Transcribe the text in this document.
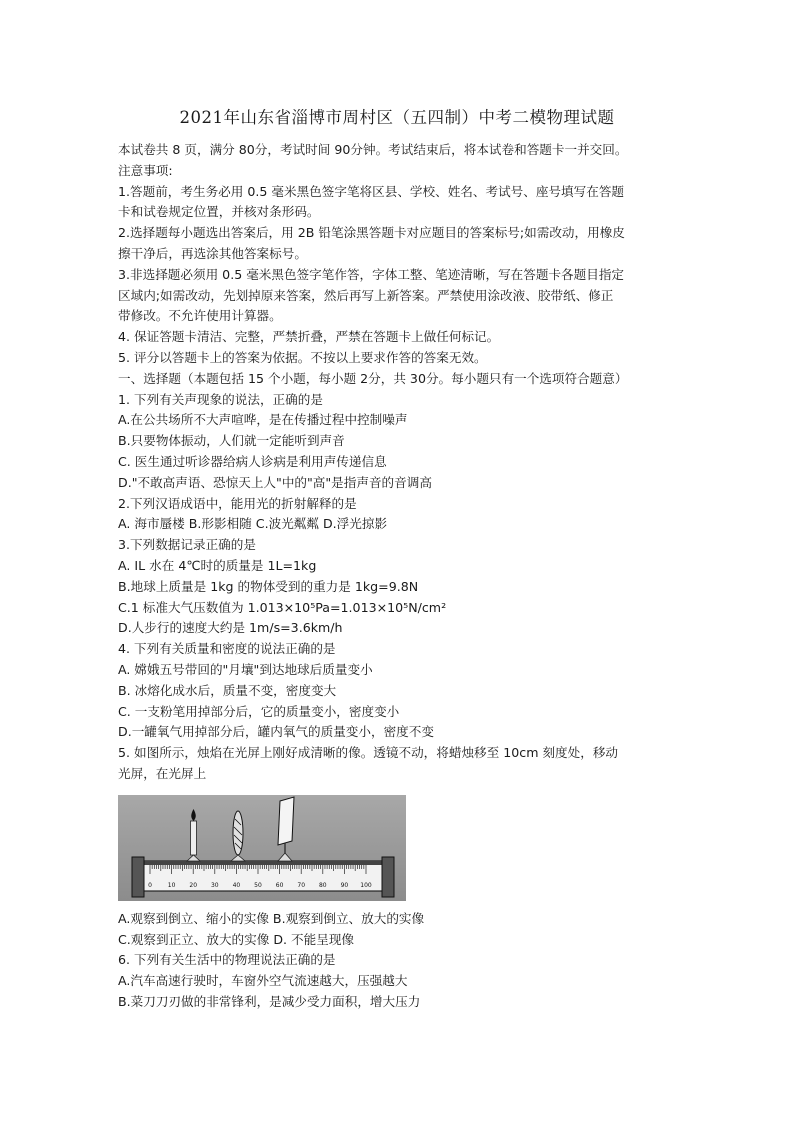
2021年山东省淄博市周村区（五四制）中考二模物理试题
本试卷共 8 页，满分 80分，考试时间 90分钟。考试结束后，将本试卷和答题卡一并交回。
注意事项:
1.答题前，考生务必用 0.5 毫米黑色签字笔将区县、学校、姓名、考试号、座号填写在答题
卡和试卷规定位置，并核对条形码。
2.选择题每小题选出答案后，用 2B 铅笔涂黑答题卡对应题目的答案标号;如需改动，用橡皮
擦干净后，再选涂其他答案标号。
3.非选择题必须用 0.5 毫米黑色签字笔作答，字体工整、笔迹清晰，写在答题卡各题目指定
区域内;如需改动，先划掉原来答案，然后再写上新答案。严禁使用涂改液、胶带纸、修正
带修改。不允许使用计算器。
4. 保证答题卡清洁、完整，严禁折叠，严禁在答题卡上做任何标记。
5. 评分以答题卡上的答案为依据。不按以上要求作答的答案无效。
一、选择题（本题包括 15 个小题，每小题 2分，共 30分。每小题只有一个选项符合题意）
1. 下列有关声现象的说法，正确的是
A.在公共场所不大声喧哗，是在传播过程中控制噪声
B.只要物体振动，人们就一定能听到声音
C. 医生通过听诊器给病人诊病是利用声传递信息
D."不敢高声语、恐惊天上人"中的"高"是指声音的音调高
2.下列汉语成语中，能用光的折射解释的是
A. 海市蜃楼 B.形影相随 C.波光粼粼 D.浮光掠影
3.下列数据记录正确的是
A. IL 水在 4℃时的质量是 1L=1kg
B.地球上质量是 1kg 的物体受到的重力是 1kg=9.8N
C.1 标准大气压数值为 1.013×10⁵Pa=1.013×10⁵N/cm²
D.人步行的速度大约是 1m/s=3.6km/h
4. 下列有关质量和密度的说法正确的是
A. 嫦娥五号带回的"月壤"到达地球后质量变小
B. 冰熔化成水后，质量不变，密度变大
C. 一支粉笔用掉部分后，它的质量变小，密度变小
D.一罐氧气用掉部分后，罐内氧气的质量变小，密度不变
5. 如图所示，烛焰在光屏上刚好成清晰的像。透镜不动，将蜡烛移至 10cm 刻度处，移动
光屏，在光屏上
0	10 20 30 40 50 60 70 80 90 100
A.观察到倒立、缩小的实像 B.观察到倒立、放大的实像
C.观察到正立、放大的实像 D. 不能呈现像
6. 下列有关生活中的物理说法正确的是
A.汽车高速行驶时，车窗外空气流速越大，压强越大
B.菜刀刀刃做的非常锋利，是减少受力面积，增大压力
